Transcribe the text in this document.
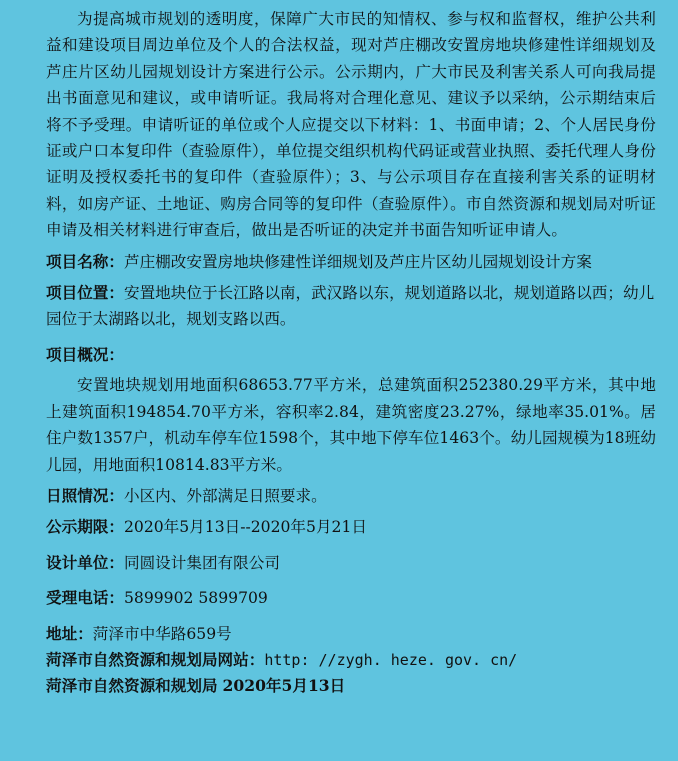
为提高城市规划的透明度，保障广大市民的知情权、参与权和监督权，维护公共利益和建设项目周边单位及个人的合法权益，现对芦庄棚改安置房地块修建性详细规划及芦庄片区幼儿园规划设计方案进行公示。公示期内，广大市民及利害关系人可向我局提出书面意见和建议，或申请听证。我局将对合理化意见、建议予以采纳，公示期结束后将不予受理。申请听证的单位或个人应提交以下材料：1、书面申请；2、个人居民身份证或户口本复印件（查验原件），单位提交组织机构代码证或营业执照、委托代理人身份证明及授权委托书的复印件（查验原件）；3、与公示项目存在直接利害关系的证明材料，如房产证、土地证、购房合同等的复印件（查验原件）。市自然资源和规划局对听证申请及相关材料进行审查后，做出是否听证的决定并书面告知听证申请人。

项目名称：芦庄棚改安置房地块修建性详细规划及芦庄片区幼儿园规划设计方案

项目位置：安置地块位于长江路以南，武汉路以东，规划道路以北，规划道路以西；幼儿园位于太湖路以北，规划支路以西。

项目概况：

安置地块规划用地面积68653.77平方米，总建筑面积252380.29平方米，其中地上建筑面积194854.70平方米，容积率2.84，建筑密度23.27%，绿地率35.01%。居住户数1357户，机动车停车位1598个，其中地下停车位1463个。幼儿园规模为18班幼儿园，用地面积10814.83平方米。

日照情况：小区内、外部满足日照要求。

公示期限：2020年5月13日--2020年5月21日

设计单位：同圆设计集团有限公司

受理电话：5899902 5899709

地址：菏泽市中华路659号

菏泽市自然资源和规划局网站：http: //zygh. heze. gov. cn/

菏泽市自然资源和规划局 2020年5月13日
